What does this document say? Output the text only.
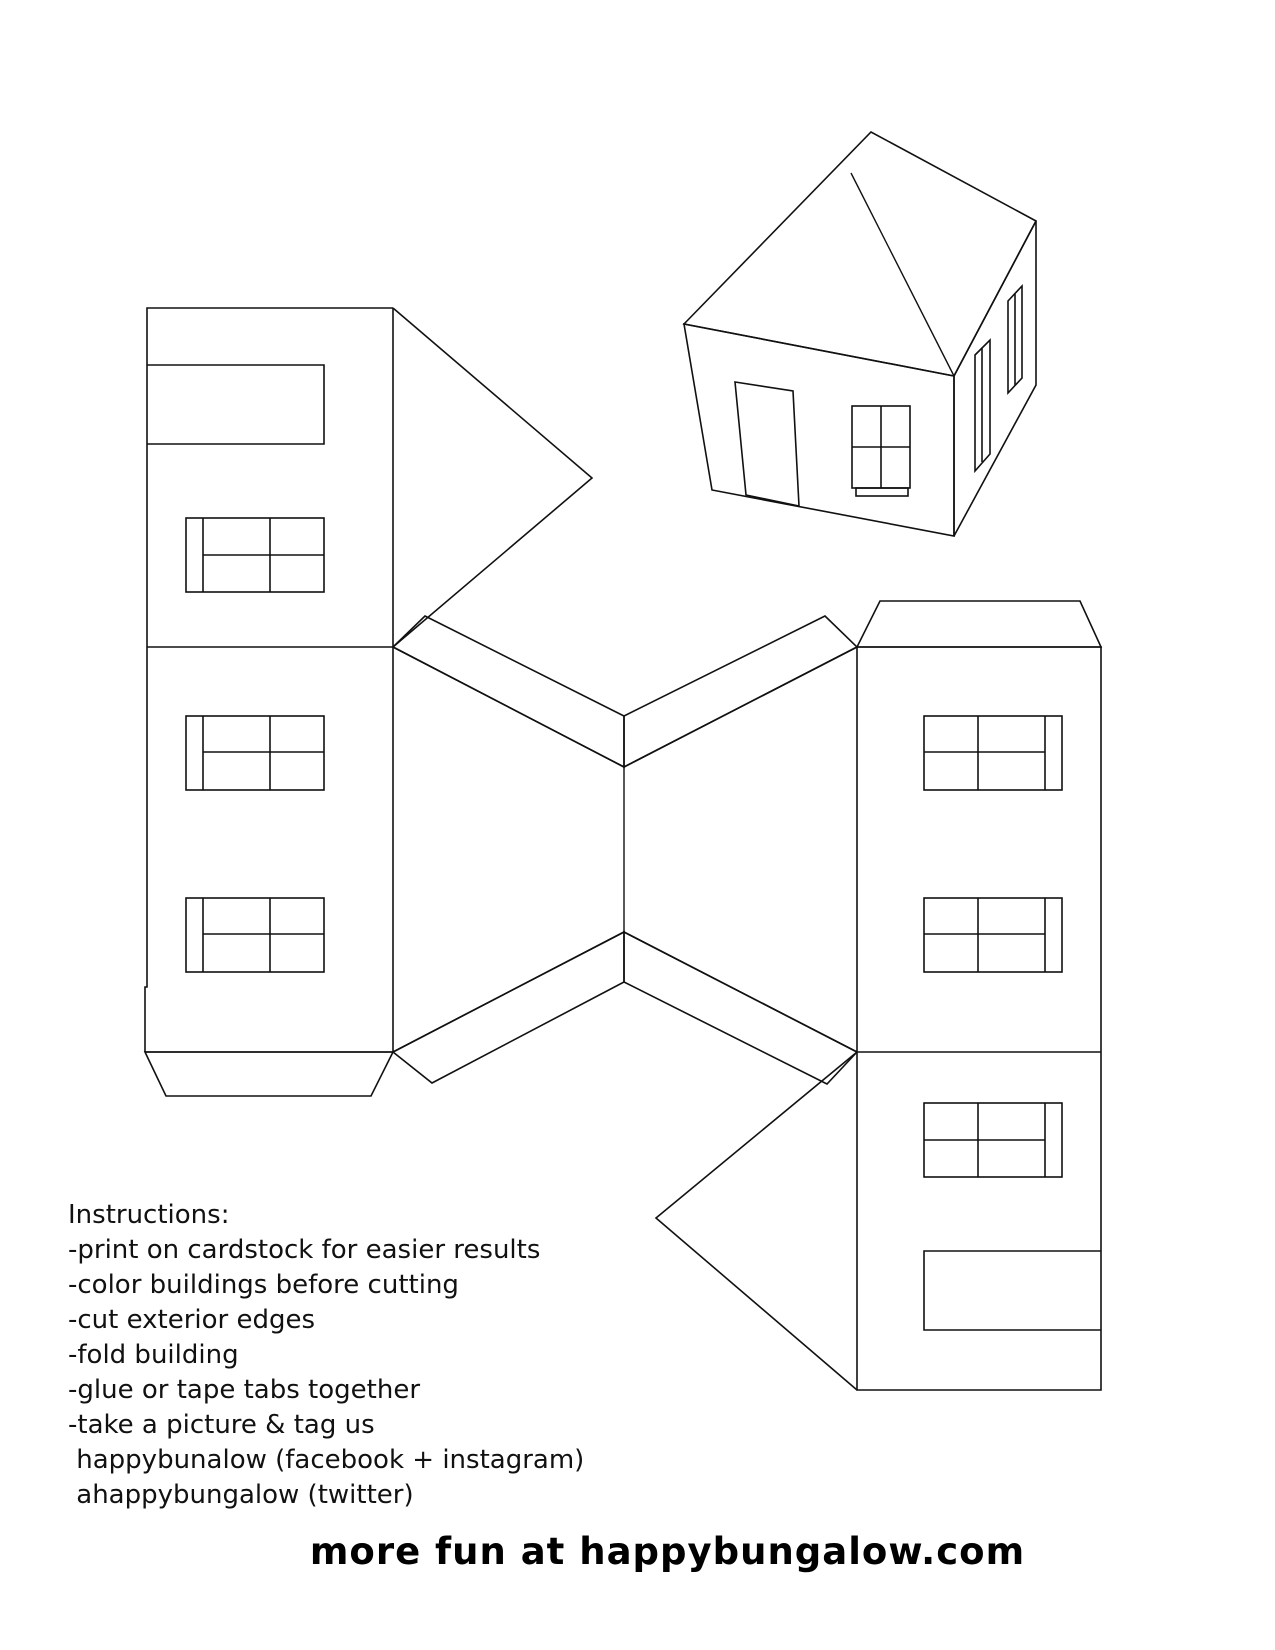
Instructions:
-print on cardstock for easier results
-color buildings before cutting
-cut exterior edges
-fold building
-glue or tape tabs together
-take a picture & tag us
happybunalow (facebook + instagram)
ahappybungalow (twitter)
more fun at happybungalow.com
